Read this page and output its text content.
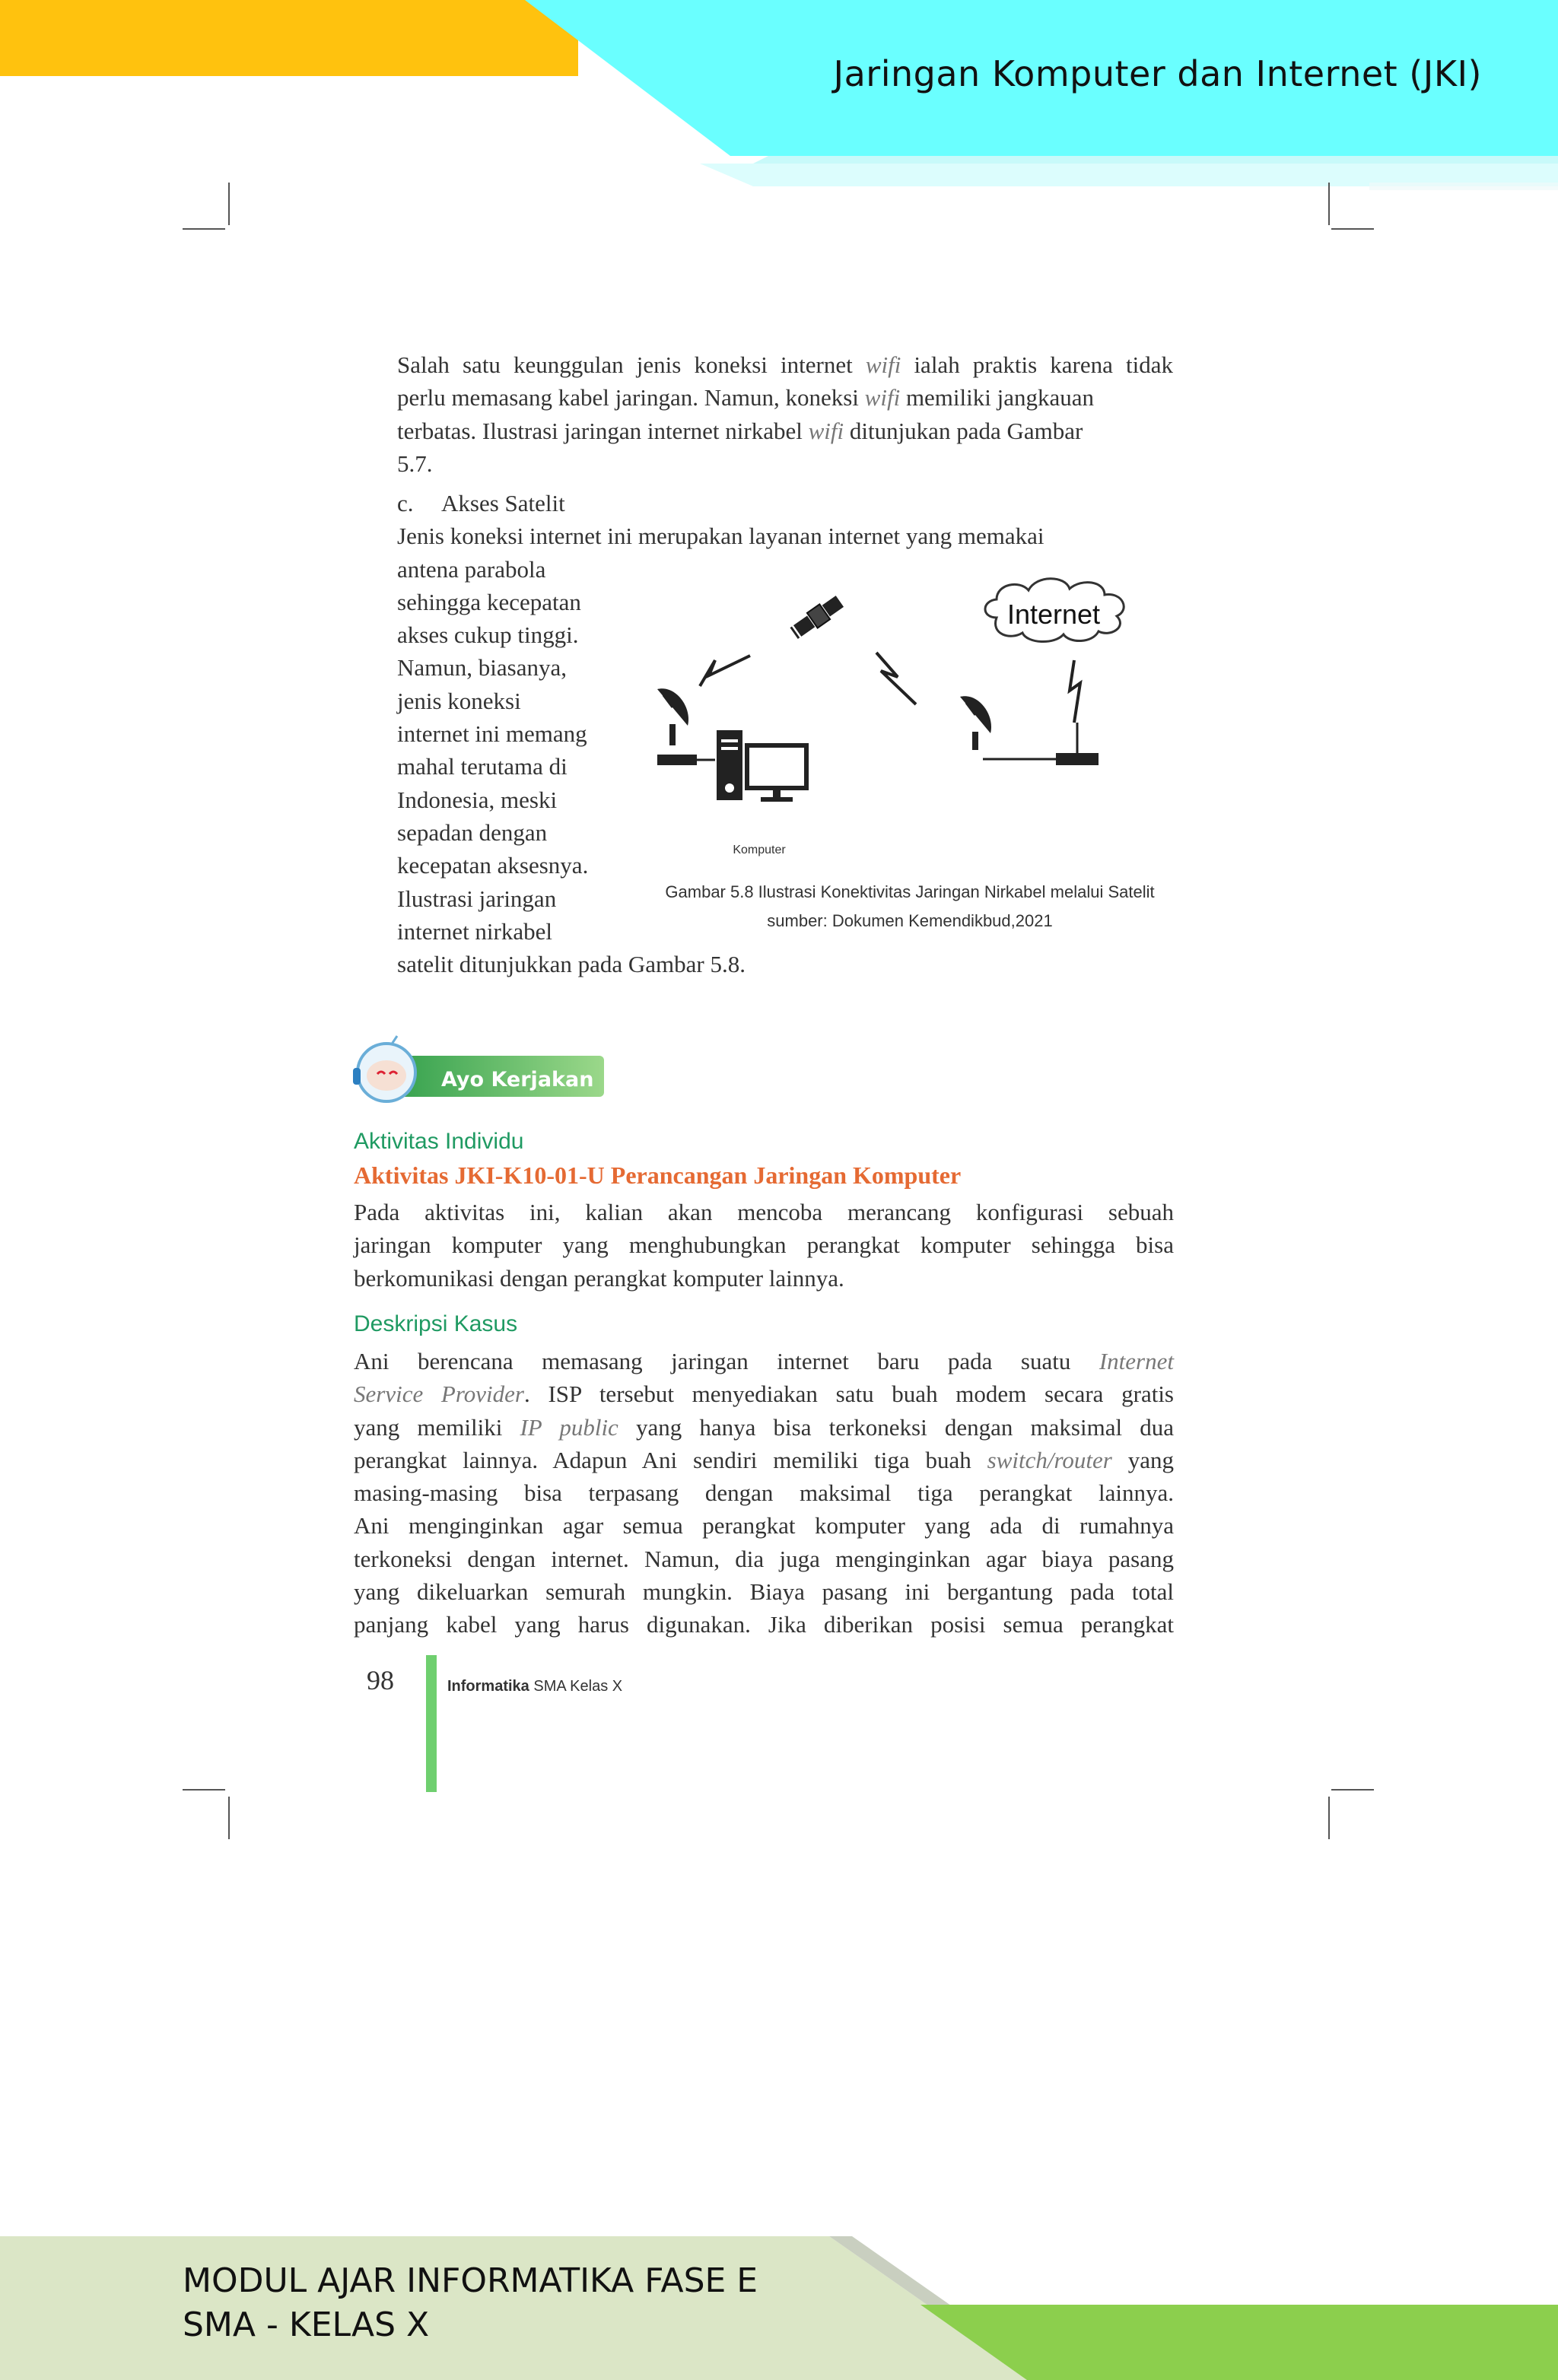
Jaringan Komputer dan Internet (JKI)
Salah satu keunggulan jenis koneksi internet wifi ialah praktis karena tidak
perlu memasang kabel jaringan. Namun, koneksi wifi memiliki jangkauan
terbatas. Ilustrasi jaringan internet nirkabel wifi ditunjukan pada Gambar
5.7.
c. Akses Satelit
Jenis koneksi internet ini merupakan layanan internet yang memakai
antena parabola
sehingga kecepatan
akses cukup tinggi.
Namun, biasanya,
jenis koneksi
internet ini memang
mahal terutama di
Indonesia, meski
sepadan dengan
kecepatan aksesnya.
Ilustrasi jaringan
internet nirkabel
satelit ditunjukkan pada Gambar 5.8.
Internet
Komputer
Gambar 5.8 Ilustrasi Konektivitas Jaringan Nirkabel melalui Satelit
sumber: Dokumen Kemendikbud,2021
Ayo Kerjakan
Aktivitas Individu
Aktivitas JKI-K10-01-U Perancangan Jaringan Komputer
Pada aktivitas ini, kalian akan mencoba merancang konfigurasi sebuah
jaringan komputer yang menghubungkan perangkat komputer sehingga bisa
berkomunikasi dengan perangkat komputer lainnya.
Deskripsi Kasus
Ani berencana memasang jaringan internet baru pada suatu Internet
Service Provider. ISP tersebut menyediakan satu buah modem secara gratis
yang memiliki IP public yang hanya bisa terkoneksi dengan maksimal dua
perangkat lainnya. Adapun Ani sendiri memiliki tiga buah switch/router yang
masing-masing bisa terpasang dengan maksimal tiga perangkat lainnya.
Ani menginginkan agar semua perangkat komputer yang ada di rumahnya
terkoneksi dengan internet. Namun, dia juga menginginkan agar biaya pasang
yang dikeluarkan semurah mungkin. Biaya pasang ini bergantung pada total
panjang kabel yang harus digunakan. Jika diberikan posisi semua perangkat
98	Informatika SMA Kelas X
MODUL AJAR INFORMATIKA FASE E
SMA - KELAS X
